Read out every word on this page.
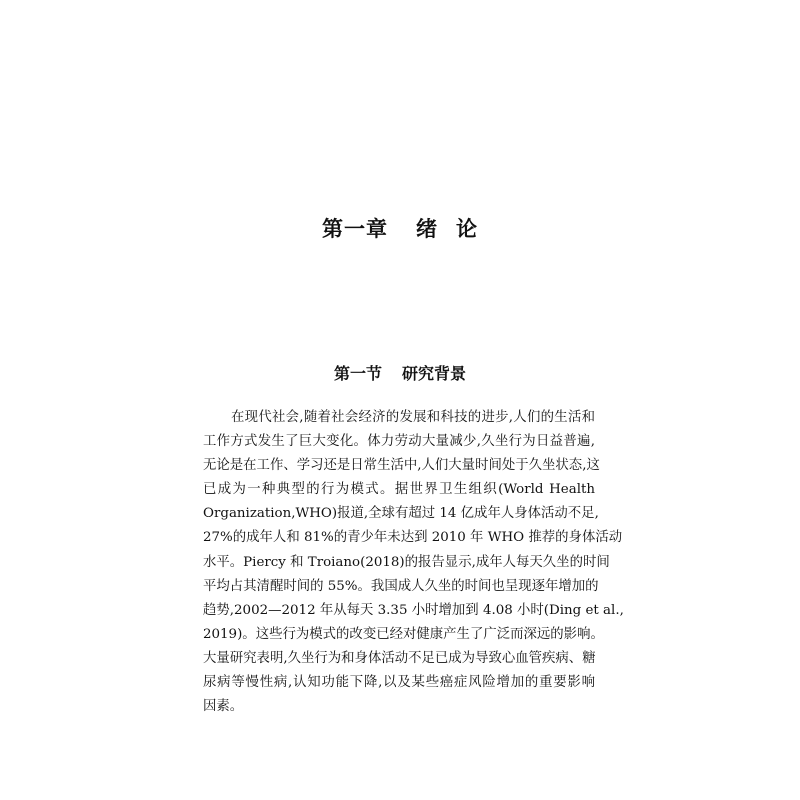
第一章 绪 论
第一节 研究背景
在现代社会,随着社会经济的发展和科技的进步,人们的生活和
工作方式发生了巨大变化。体力劳动大量减少,久坐行为日益普遍,
无论是在工作、学习还是日常生活中,人们大量时间处于久坐状态,这
已成为一种典型的行为模式。据世界卫生组织(World Health
Organization,WHO)报道,全球有超过 14 亿成年人身体活动不足,
27%的成年人和 81%的青少年未达到 2010 年 WHO 推荐的身体活动
水平。Piercy 和 Troiano(2018)的报告显示,成年人每天久坐的时间
平均占其清醒时间的 55%。我国成人久坐的时间也呈现逐年增加的
趋势,2002—2012 年从每天 3.35 小时增加到 4.08 小时(Ding et al.,
2019)。这些行为模式的改变已经对健康产生了广泛而深远的影响。
大量研究表明,久坐行为和身体活动不足已成为导致心血管疾病、糖
尿病等慢性病,认知功能下降,以及某些癌症风险增加的重要影响
因素。
